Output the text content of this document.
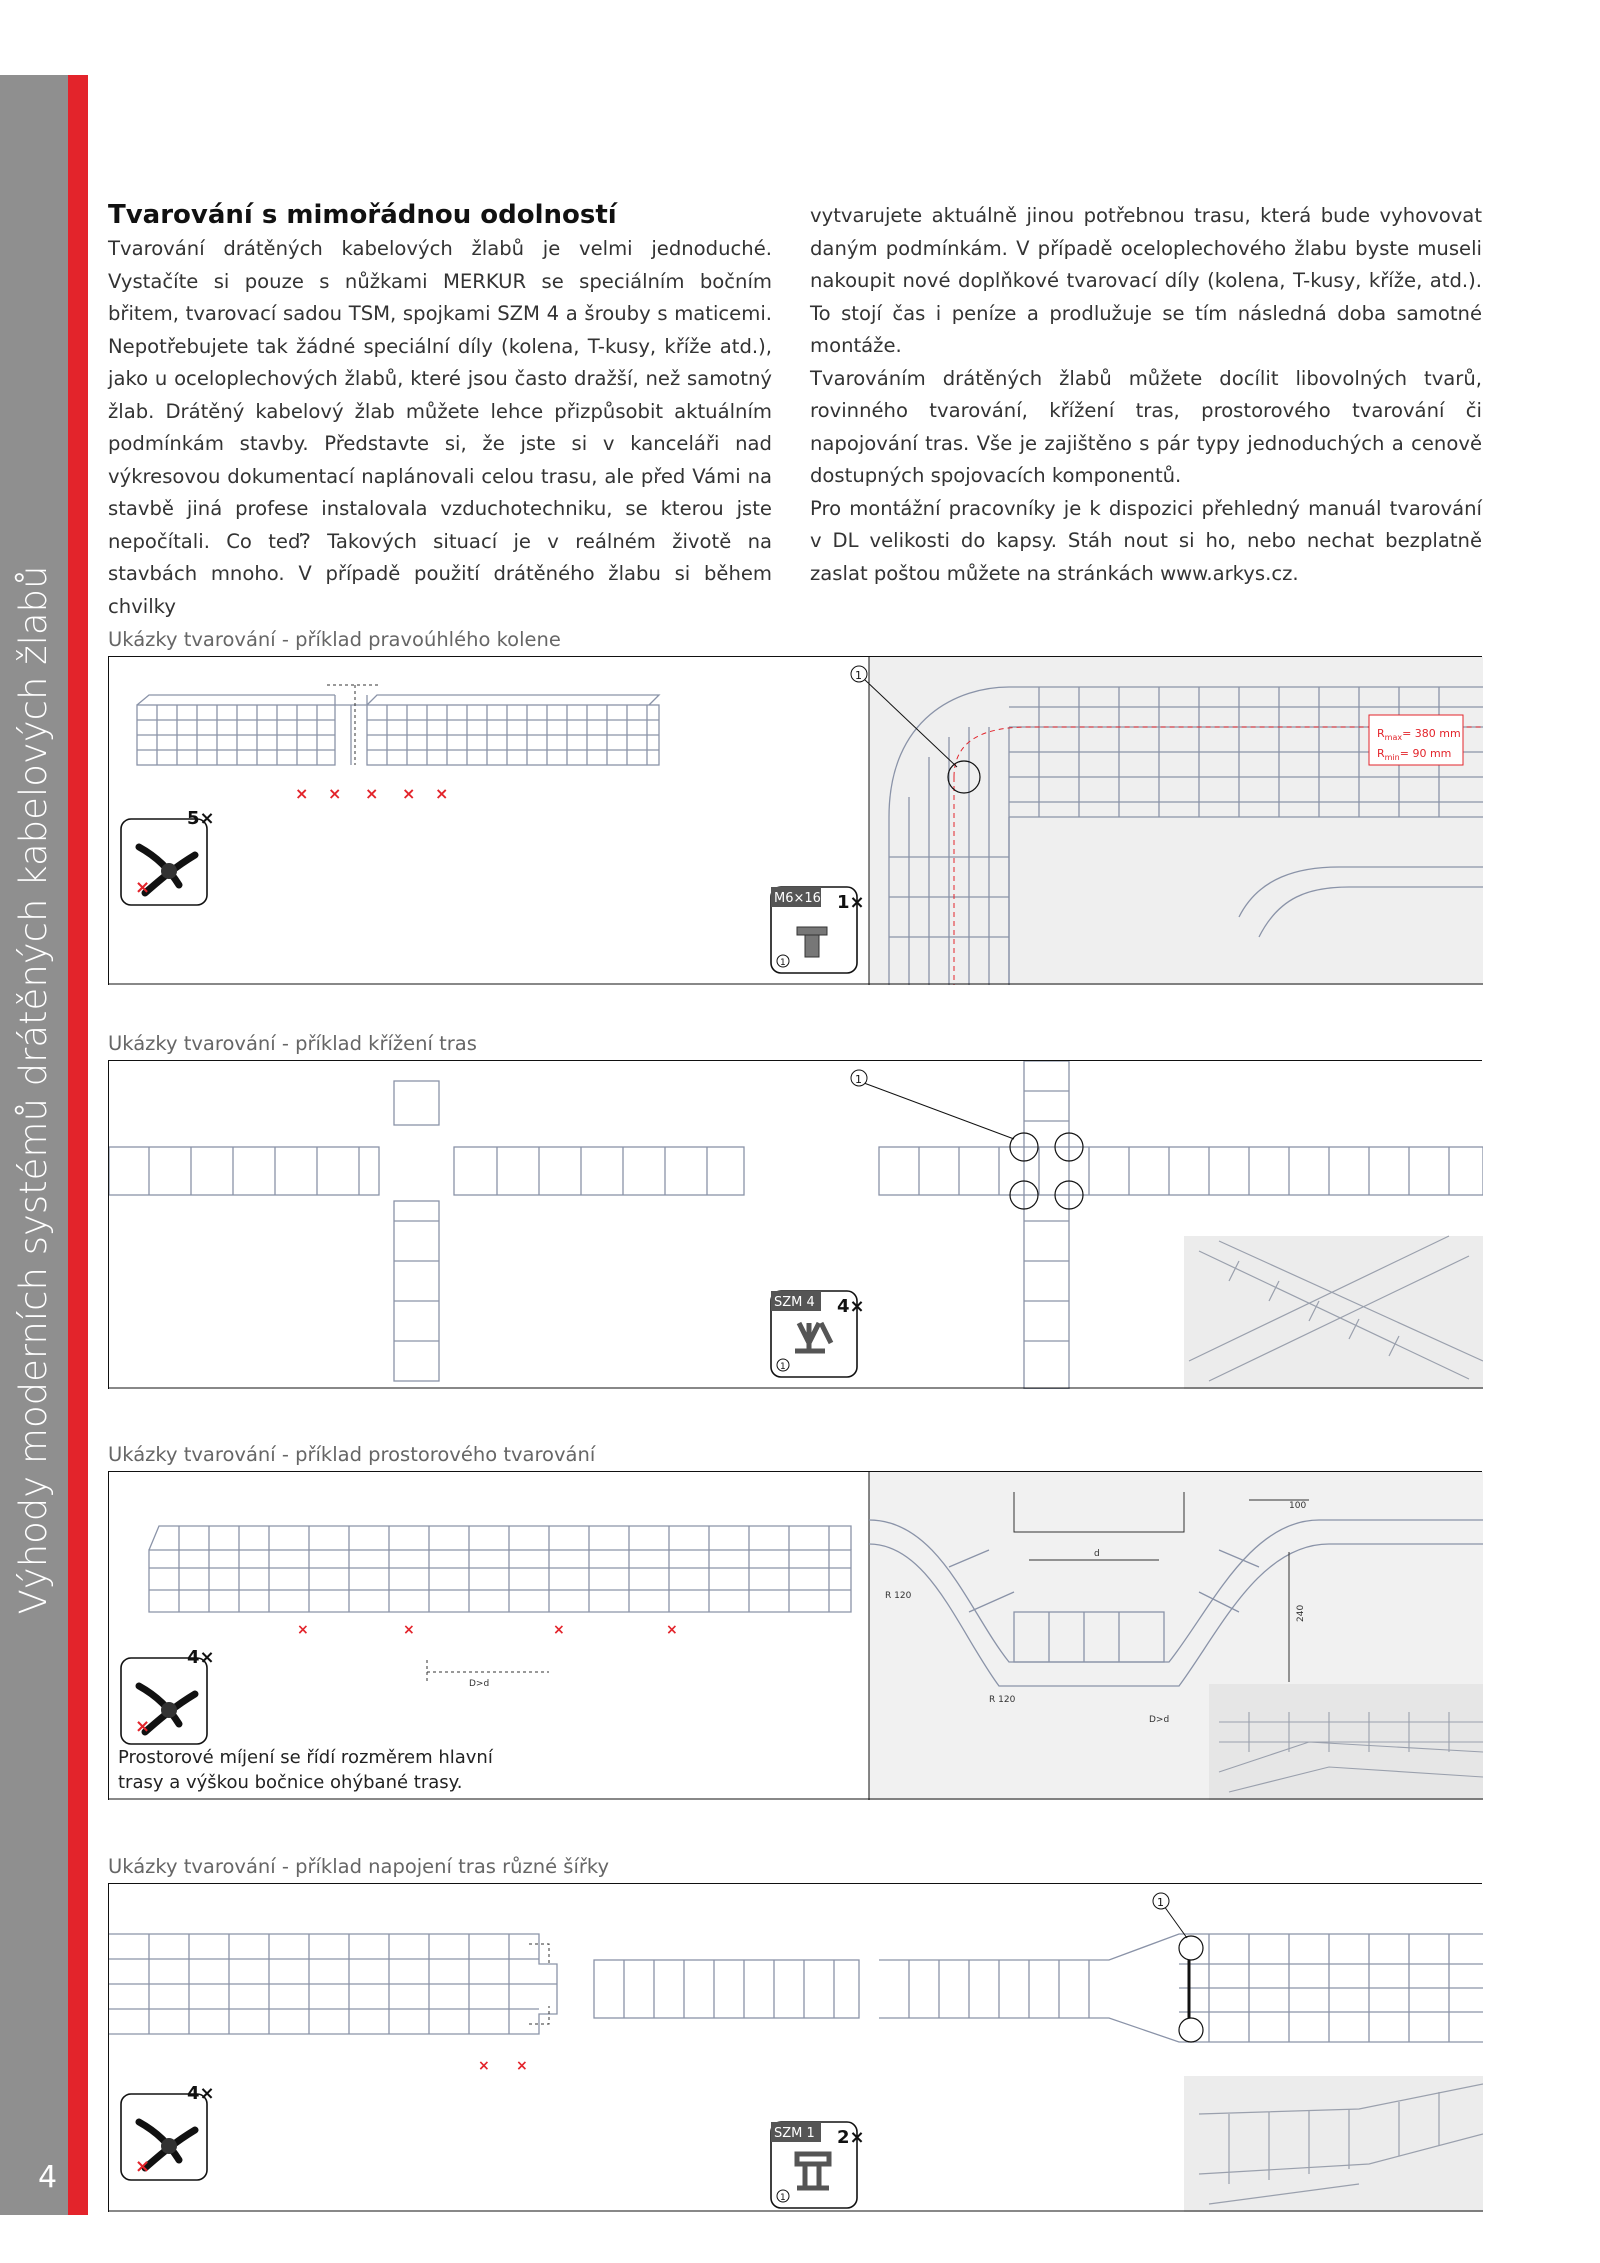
Výhody moderních systémů drátěných kabelových žlabů
4
Tvarování s mimořádnou odolností

Tvarování drátěných kabelových žlabů je velmi jednoduché. Vystačíte si pouze s nůžkami MERKUR se speciálním bočním břitem, tvarovací sadou TSM, spojkami SZM 4 a šrouby s maticemi. Nepotřebujete tak žádné speciální díly (kolena, T-kusy, kříže atd.), jako u oceloplechových žlabů, které jsou často dražší, než samotný žlab. Drátěný kabelový žlab můžete lehce přizpůsobit aktuálním podmínkám stavby. Představte si, že jste si v kanceláři nad výkresovou dokumentací naplánovali celou trasu, ale před Vámi na stavbě jiná profese instalovala vzduchotechniku, se kterou jste nepočítali. Co teď? Takových situací je v reálném životě na stavbách mnoho. V případě použití drátěného žlabu si během chvilky

vytvarujete aktuálně jinou potřebnou trasu, která bude vyhovovat daným podmínkám. V případě oceloplechového žlabu byste museli nakoupit nové doplňkové tvarovací díly (kolena, T-kusy, kříže, atd.). To stojí čas i peníze a prodlužuje se tím následná doba samotné montáže.

Tvarováním drátěných žlabů můžete docílit libovolných tvarů, rovinného tvarování, křížení tras, prostorového tvarování či napojování tras. Vše je zajištěno s pár typy jednoduchých a cenově dostupných spojovacích komponentů.

Pro montážní pracovníky je k dispozici přehledný manuál tvarování v DL velikosti do kapsy. Stáh nout si ho, nebo nechat bezplatně zaslat poštou můžete na stránkách www.arkys.cz.

Ukázky tvarování - příklad pravoúhlého kolene
× × × × ×
×
5×
1
M6×16 1×
1
$R_{max}= 380$ mm
$R_{min}= 90$ mm
Ukázky tvarování - příklad křížení tras
1
SZM 4 4×
1
Ukázky tvarování - příklad prostorového tvarování
×	×	×	×
D>d
×
4×
d
100
240
R 120
R 120
D>d
Prostorové míjení se řídí rozměrem hlavní trasy a výškou bočnice ohýbané trasy.
Ukázky tvarování - příklad napojení tras různé šířky
× ×
×
4×
1
SZM 1 2×
1
